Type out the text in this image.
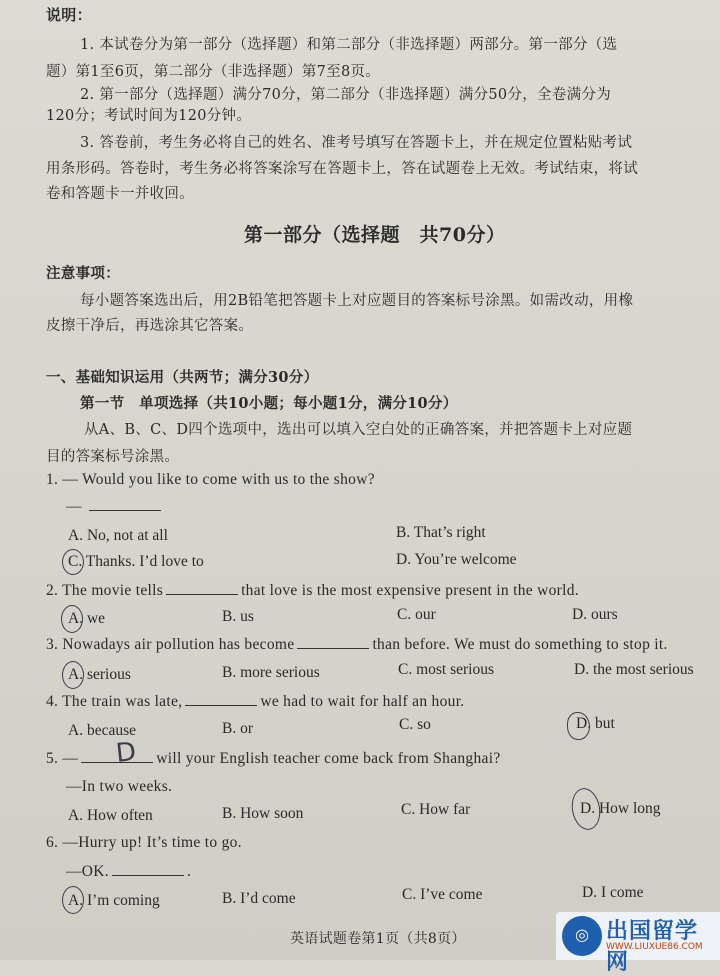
说明：
1. 本试卷分为第一部分（选择题）和第二部分（非选择题）两部分。第一部分（选
题）第1至6页，第二部分（非选择题）第7至8页。
2. 第一部分（选择题）满分70分，第二部分（非选择题）满分50分，全卷满分为
120分；考试时间为120分钟。
3. 答卷前，考生务必将自己的姓名、准考号填写在答题卡上，并在规定位置粘贴考试
用条形码。答卷时，考生务必将答案涂写在答题卡上，答在试题卷上无效。考试结束，将试
卷和答题卡一并收回。
第一部分（选择题　共70分）
注意事项：
每小题答案选出后，用2B铅笔把答题卡上对应题目的答案标号涂黑。如需改动，用橡
皮擦干净后，再选涂其它答案。
一、基础知识运用（共两节；满分30分）
第一节　单项选择（共10小题；每小题1分，满分10分）
从A、B、C、D四个选项中，选出可以填入空白处的正确答案，并把答题卡上对应题
目的答案标号涂黑。
1. — Would you like to come with us to the show?
—
A. No, not at all	B. That’s right
C. Thanks. I’d love to	D. You’re welcome
2. The movie tells	that love is the most expensive present in the world.
A. we	B. us	C. our	D. ours
3. Nowadays air pollution has become	than before. We must do something to stop it.
A. serious	B. more serious	C. most serious	D. the most serious
4. The train was late,	we had to wait for half an hour.
A. because	B. or	C. so	D. but
5. —	will your English teacher come back from Shanghai?
D
—In two weeks.
A. How often	B. How soon	C. How far	D. How long
6. —Hurry up! It’s time to go.
—OK.	.
A. I’m coming	B. I’d come	C. I’ve come	D. I come
英语试题卷第1页（共8页）	◎ 出国留学网
WWW.LIUXUE86.COM
